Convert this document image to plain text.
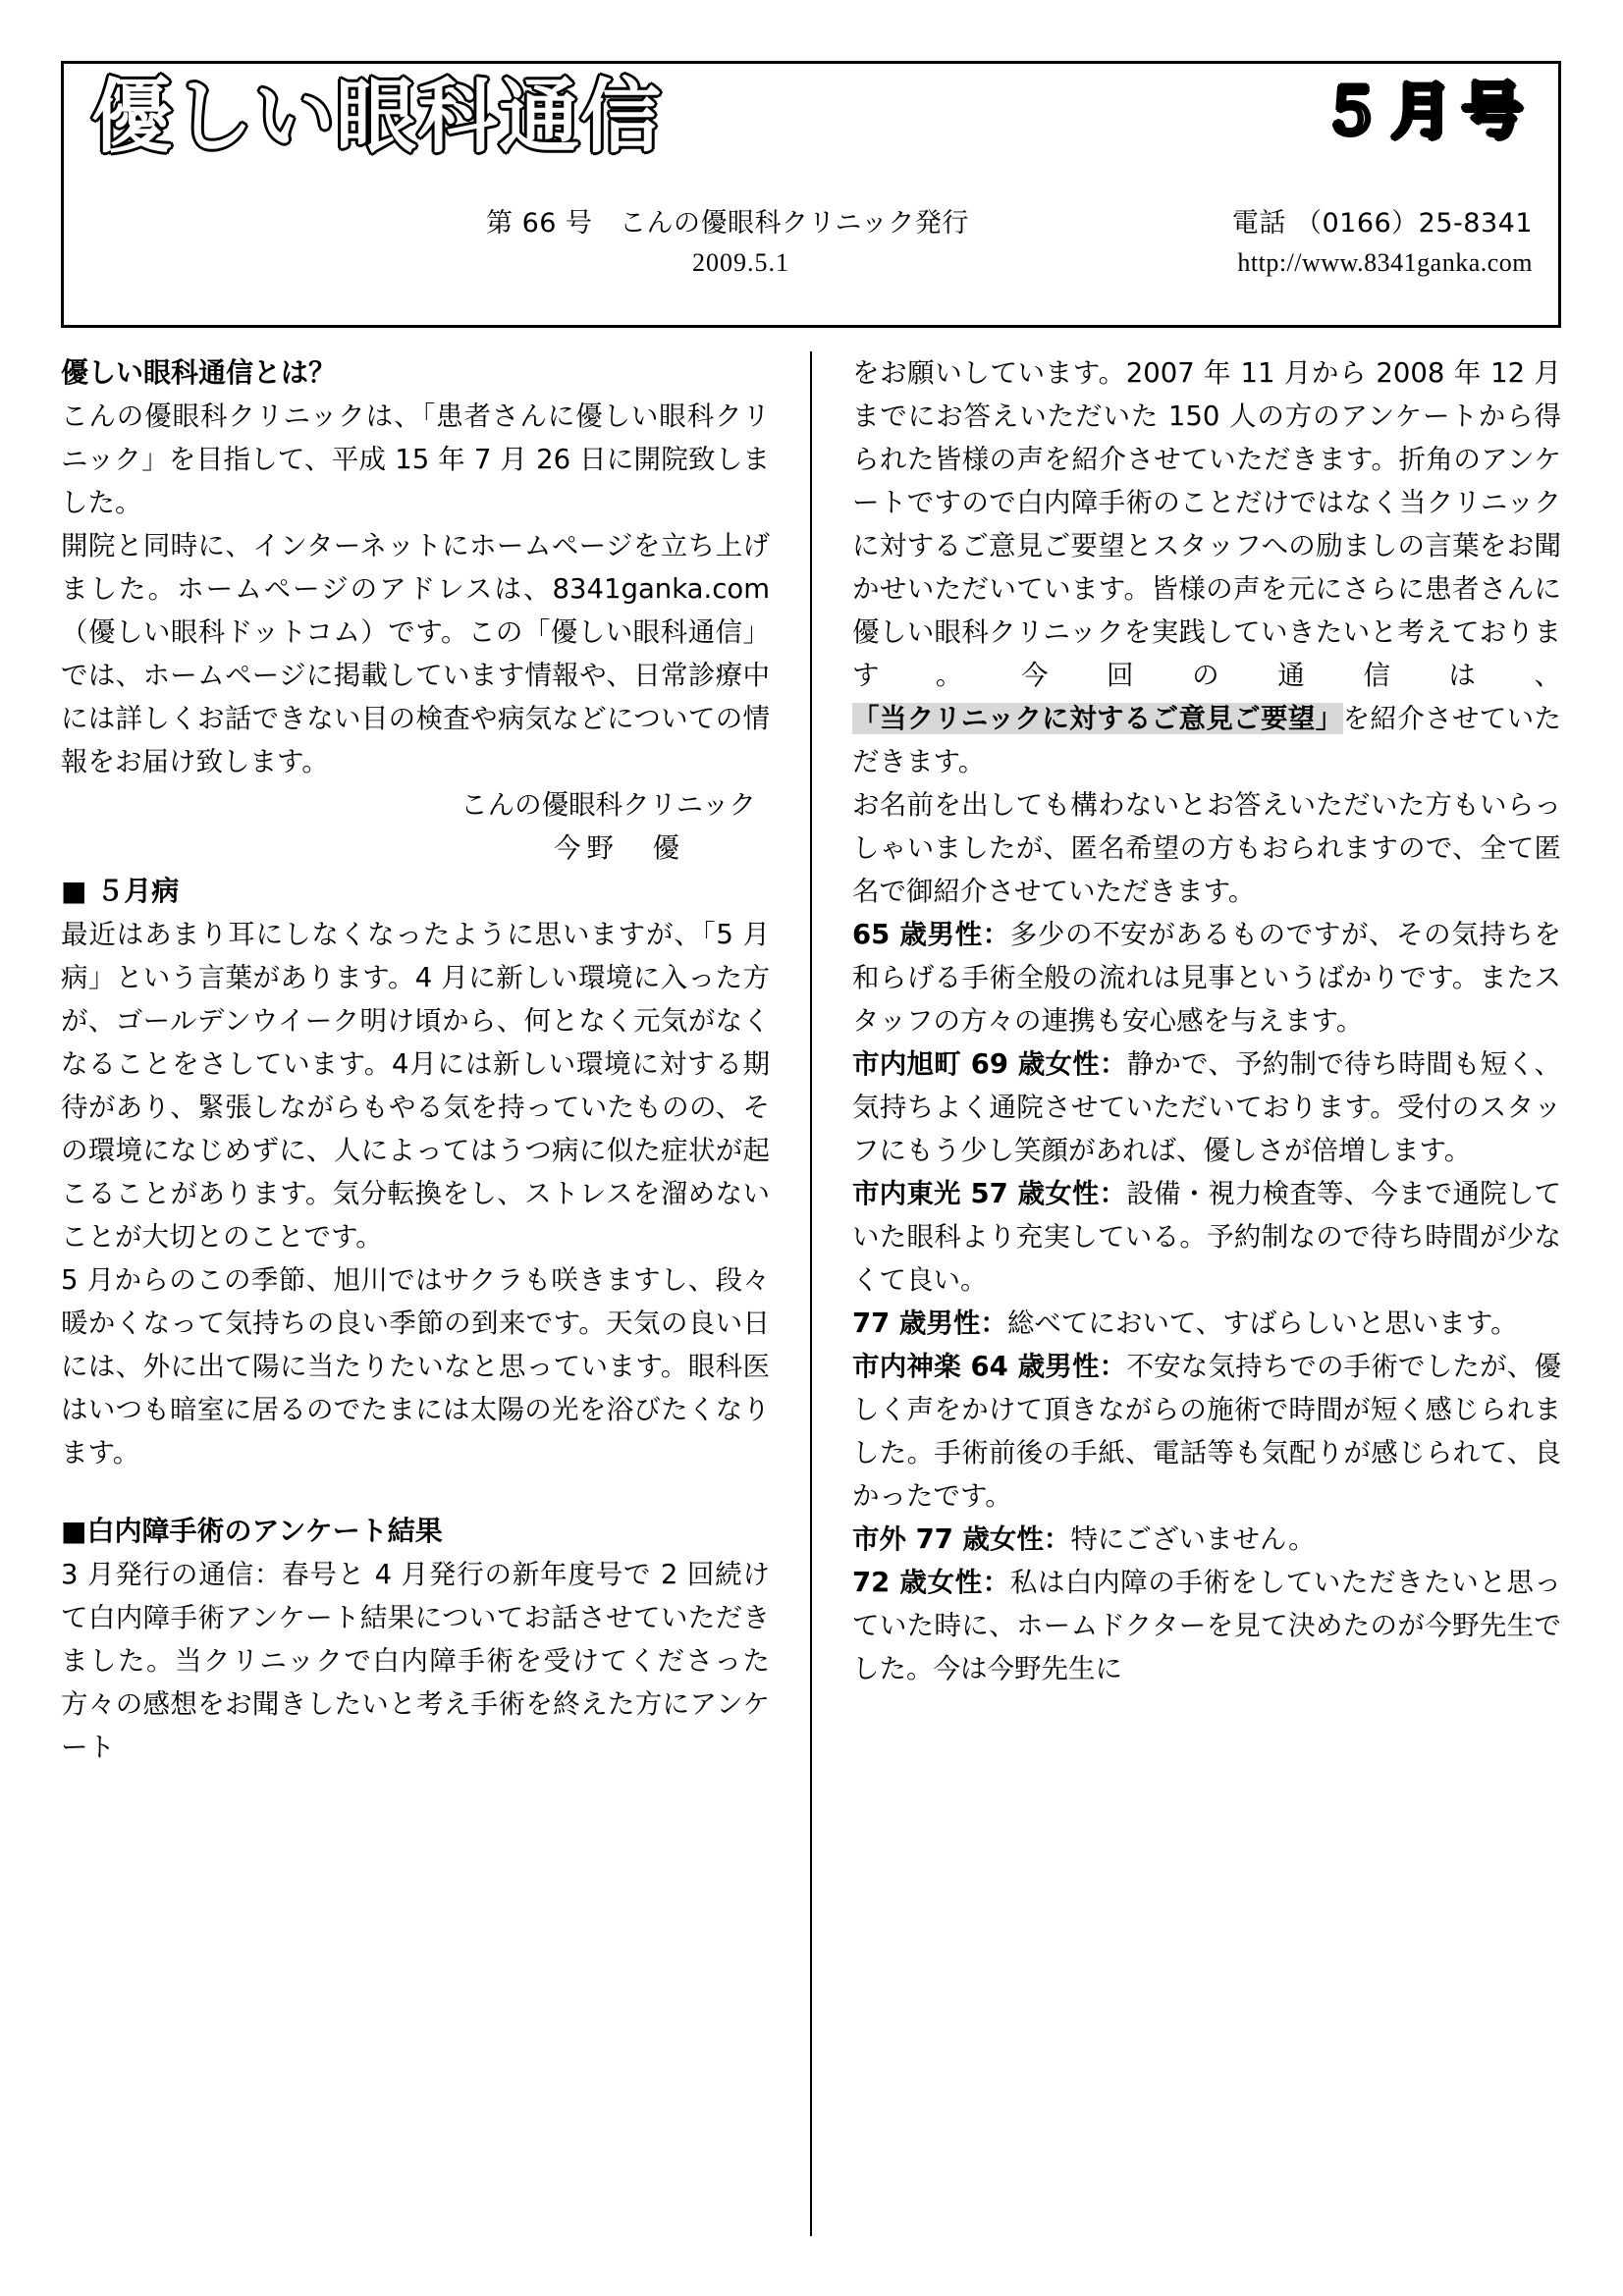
優しい眼科通信	５月号
第 66 号　こんの優眼科クリニック発行
2009.5.1
電話 （0166）25-8341
http://www.8341ganka.com
優しい眼科通信とは？
こんの優眼科クリニックは、「患者さんに優しい眼科クリニック」を目指して、平成 15 年 7 月 26 日に開院致しました。
開院と同時に、インターネットにホームページを立ち上げました。ホームページのアドレスは、8341ganka.com（優しい眼科ドットコム）です。この「優しい眼科通信」では、ホームページに掲載しています情報や、日常診療中には詳しくお話できない目の検査や病気などについての情報をお届け致します。
こんの優眼科クリニック
今野　優
■ ５月病
最近はあまり耳にしなくなったように思いますが、「5 月病」という言葉があります。4 月に新しい環境に入った方が、ゴールデンウイーク明け頃から、何となく元気がなくなることをさしています。4月には新しい環境に対する期待があり、緊張しながらもやる気を持っていたものの、その環境になじめずに、人によってはうつ病に似た症状が起こることがあります。気分転換をし、ストレスを溜めないことが大切とのことです。
5 月からのこの季節、旭川ではサクラも咲きますし、段々暖かくなって気持ちの良い季節の到来です。天気の良い日には、外に出て陽に当たりたいなと思っています。眼科医はいつも暗室に居るのでたまには太陽の光を浴びたくなります。
■白内障手術のアンケート結果
3 月発行の通信：春号と 4 月発行の新年度号で 2 回続けて白内障手術アンケート結果についてお話させていただきました。当クリニックで白内障手術を受けてくださった方々の感想をお聞きしたいと考え手術を終えた方にアンケート
をお願いしています。2007 年 11 月から 2008 年 12 月までにお答えいただいた 150 人の方のアンケートから得られた皆様の声を紹介させていただきます。折角のアンケートですので白内障手術のことだけではなく当クリニックに対するご意見ご要望とスタッフへの励ましの言葉をお聞かせいただいています。皆様の声を元にさらに患者さんに優しい眼科クリニックを実践していきたいと考えております。今回の通信は、「当クリニックに対するご意見ご要望」を紹介させていただきます。
お名前を出しても構わないとお答えいただいた方もいらっしゃいましたが、匿名希望の方もおられますので、全て匿名で御紹介させていただきます。
65 歳男性：多少の不安があるものですが、その気持ちを和らげる手術全般の流れは見事というばかりです。またスタッフの方々の連携も安心感を与えます。
市内旭町 69 歳女性：静かで、予約制で待ち時間も短く、気持ちよく通院させていただいております。受付のスタッフにもう少し笑顔があれば、優しさが倍増します。
市内東光 57 歳女性：設備・視力検査等、今まで通院していた眼科より充実している。予約制なので待ち時間が少なくて良い。
77 歳男性：総べてにおいて、すばらしいと思います。
市内神楽 64 歳男性：不安な気持ちでの手術でしたが、優しく声をかけて頂きながらの施術で時間が短く感じられました。手術前後の手紙、電話等も気配りが感じられて、良かったです。
市外 77 歳女性：特にございません。
72 歳女性：私は白内障の手術をしていただきたいと思っていた時に、ホームドクターを見て決めたのが今野先生でした。今は今野先生に
